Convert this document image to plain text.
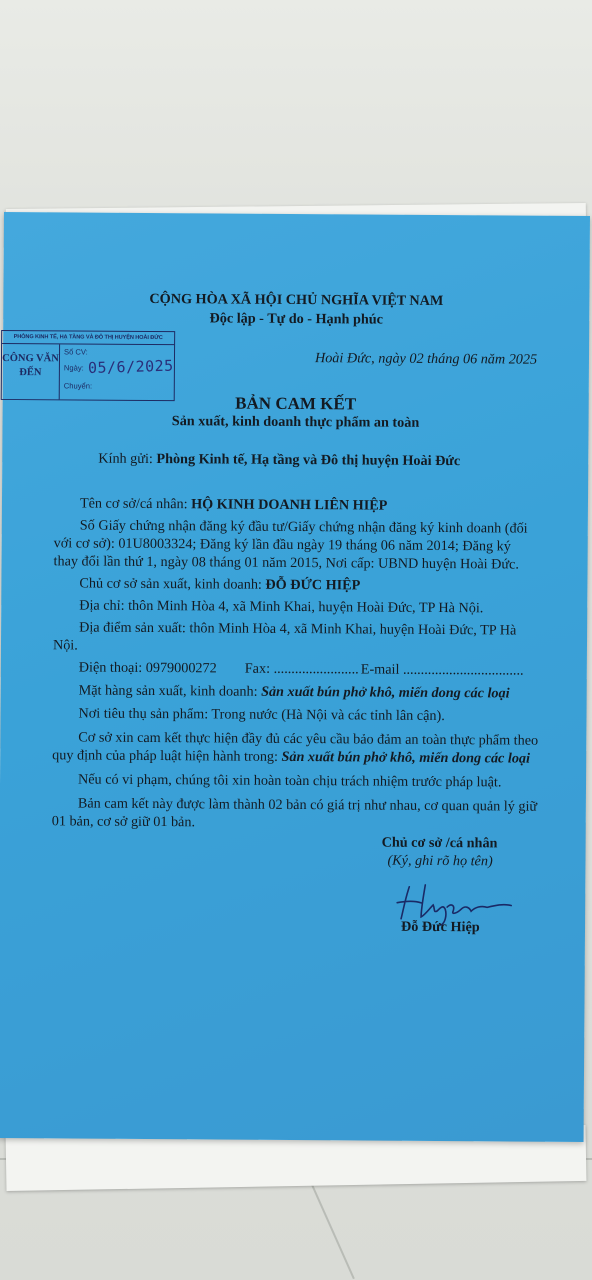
CỘNG HÒA XÃ HỘI CHỦ NGHĨA VIỆT NAM
Độc lập - Tự do - Hạnh phúc
Hoài Đức, ngày 02 tháng 06 năm 2025
PHÒNG KINH TẾ, HẠ TẦNG VÀ ĐÔ THỊ HUYỆN HOÀI ĐỨC
CÔNG VĂN
ĐẾN
Số CV:
Ngày: 05/6/2025
Chuyển:
BẢN CAM KẾT
Sản xuất, kinh doanh thực phẩm an toàn
Kính gửi: Phòng Kinh tế, Hạ tầng và Đô thị huyện Hoài Đức
Tên cơ sở/cá nhân: HỘ KINH DOANH LIÊN HIỆP
Số Giấy chứng nhận đăng ký đầu tư/Giấy chứng nhận đăng ký kinh doanh (đối
với cơ sở): 01U8003324; Đăng ký lần đầu ngày 19 tháng 06 năm 2014; Đăng ký
thay đổi lần thứ 1, ngày 08 tháng 01 năm 2015, Nơi cấp: UBND huyện Hoài Đức.
Chủ cơ sở sản xuất, kinh doanh: ĐỖ ĐỨC HIỆP
Địa chỉ: thôn Minh Hòa 4, xã Minh Khai, huyện Hoài Đức, TP Hà Nội.
Địa điểm sản xuất: thôn Minh Hòa 4, xã Minh Khai, huyện Hoài Đức, TP Hà
Nội.
Điện thoại: 0979000272 Fax: ........................ E-mail ..................................
Mặt hàng sản xuất, kinh doanh: Sản xuất bún phở khô, miến dong các loại
Nơi tiêu thụ sản phẩm: Trong nước (Hà Nội và các tỉnh lân cận).
Cơ sở xin cam kết thực hiện đầy đủ các yêu cầu bảo đảm an toàn thực phẩm theo
quy định của pháp luật hiện hành trong: Sản xuất bún phở khô, miến dong các loại
Nếu có vi phạm, chúng tôi xin hoàn toàn chịu trách nhiệm trước pháp luật.
Bản cam kết này được làm thành 02 bản có giá trị như nhau, cơ quan quản lý giữ
01 bản, cơ sở giữ 01 bản.
Chủ cơ sở /cá nhân
(Ký, ghi rõ họ tên)
Đỗ Đức Hiệp
